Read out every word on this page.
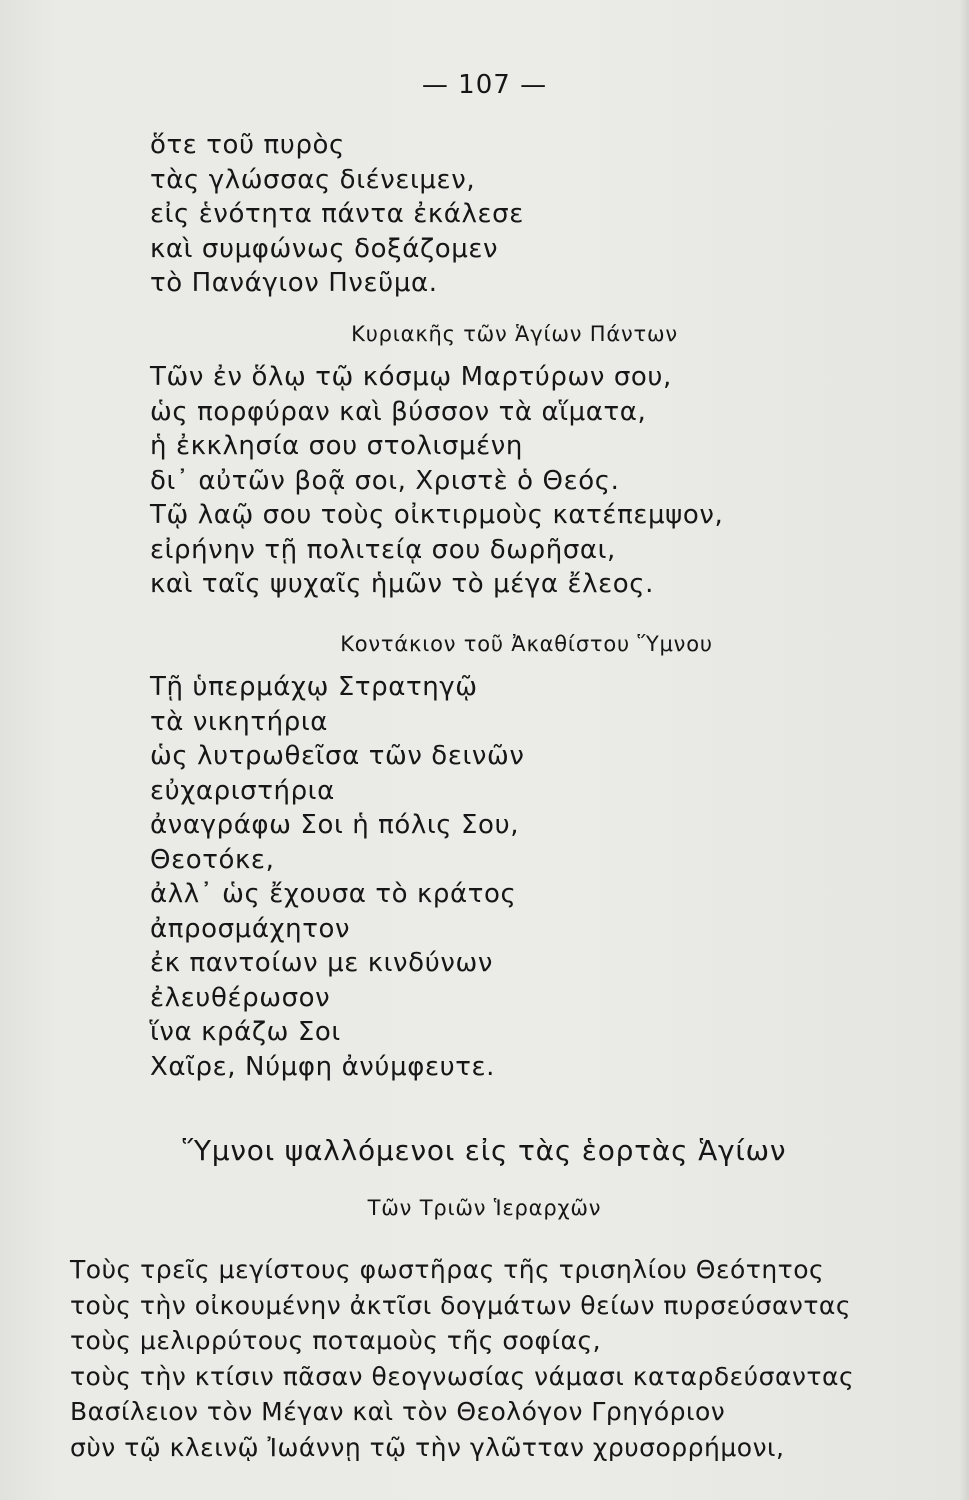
— 107 —
ὅτε τοῦ πυρὸς
τὰς γλώσσας διένειμεν,
εἰς ἑνότητα πάντα ἐκάλεσε
καὶ συμφώνως δοξάζομεν
τὸ Πανάγιον Πνεῦμα.
Κυριακῆς τῶν Ἁγίων Πάντων
Τῶν ἐν ὅλῳ τῷ κόσμῳ Μαρτύρων σου,
ὡς πορφύραν καὶ βύσσον τὰ αἵματα,
ἡ ἐκκλησία σου στολισμένη
δι᾽ αὐτῶν βοᾷ σοι, Χριστὲ ὁ Θεός.
Τῷ λαῷ σου τοὺς οἰκτιρμοὺς κατέπεμψον,
εἰρήνην τῇ πολιτείᾳ σου δωρῆσαι,
καὶ ταῖς ψυχαῖς ἡμῶν τὸ μέγα ἔλεος.
Κοντάκιον τοῦ Ἀκαθίστου Ὕμνου
Τῇ ὑπερμάχῳ Στρατηγῷ
τὰ νικητήρια
ὡς λυτρωθεῖσα τῶν δεινῶν
εὐχαριστήρια
ἀναγράφω Σοι ἡ πόλις Σου,
Θεοτόκε,
ἀλλ᾽ ὡς ἔχουσα τὸ κράτος
ἀπροσμάχητον
ἐκ παντοίων με κινδύνων
ἐλευθέρωσον
ἵνα κράζω Σοι
Χαῖρε, Νύμφη ἀνύμφευτε.
Ὕμνοι ψαλλόμενοι εἰς τὰς ἑορτὰς Ἁγίων
Τῶν Τριῶν Ἱεραρχῶν
Τοὺς τρεῖς μεγίστους φωστῆρας τῆς τρισηλίου Θεότητος
τοὺς τὴν οἰκουμένην ἀκτῖσι δογμάτων θείων πυρσεύσαντας
τοὺς μελιρρύτους ποταμοὺς τῆς σοφίας,
τοὺς τὴν κτίσιν πᾶσαν θεογνωσίας νάμασι καταρδεύσαντας
Βασίλειον τὸν Μέγαν καὶ τὸν Θεολόγον Γρηγόριον
σὺν τῷ κλεινῷ Ἰωάννῃ τῷ τὴν γλῶτταν χρυσορρήμονι,
